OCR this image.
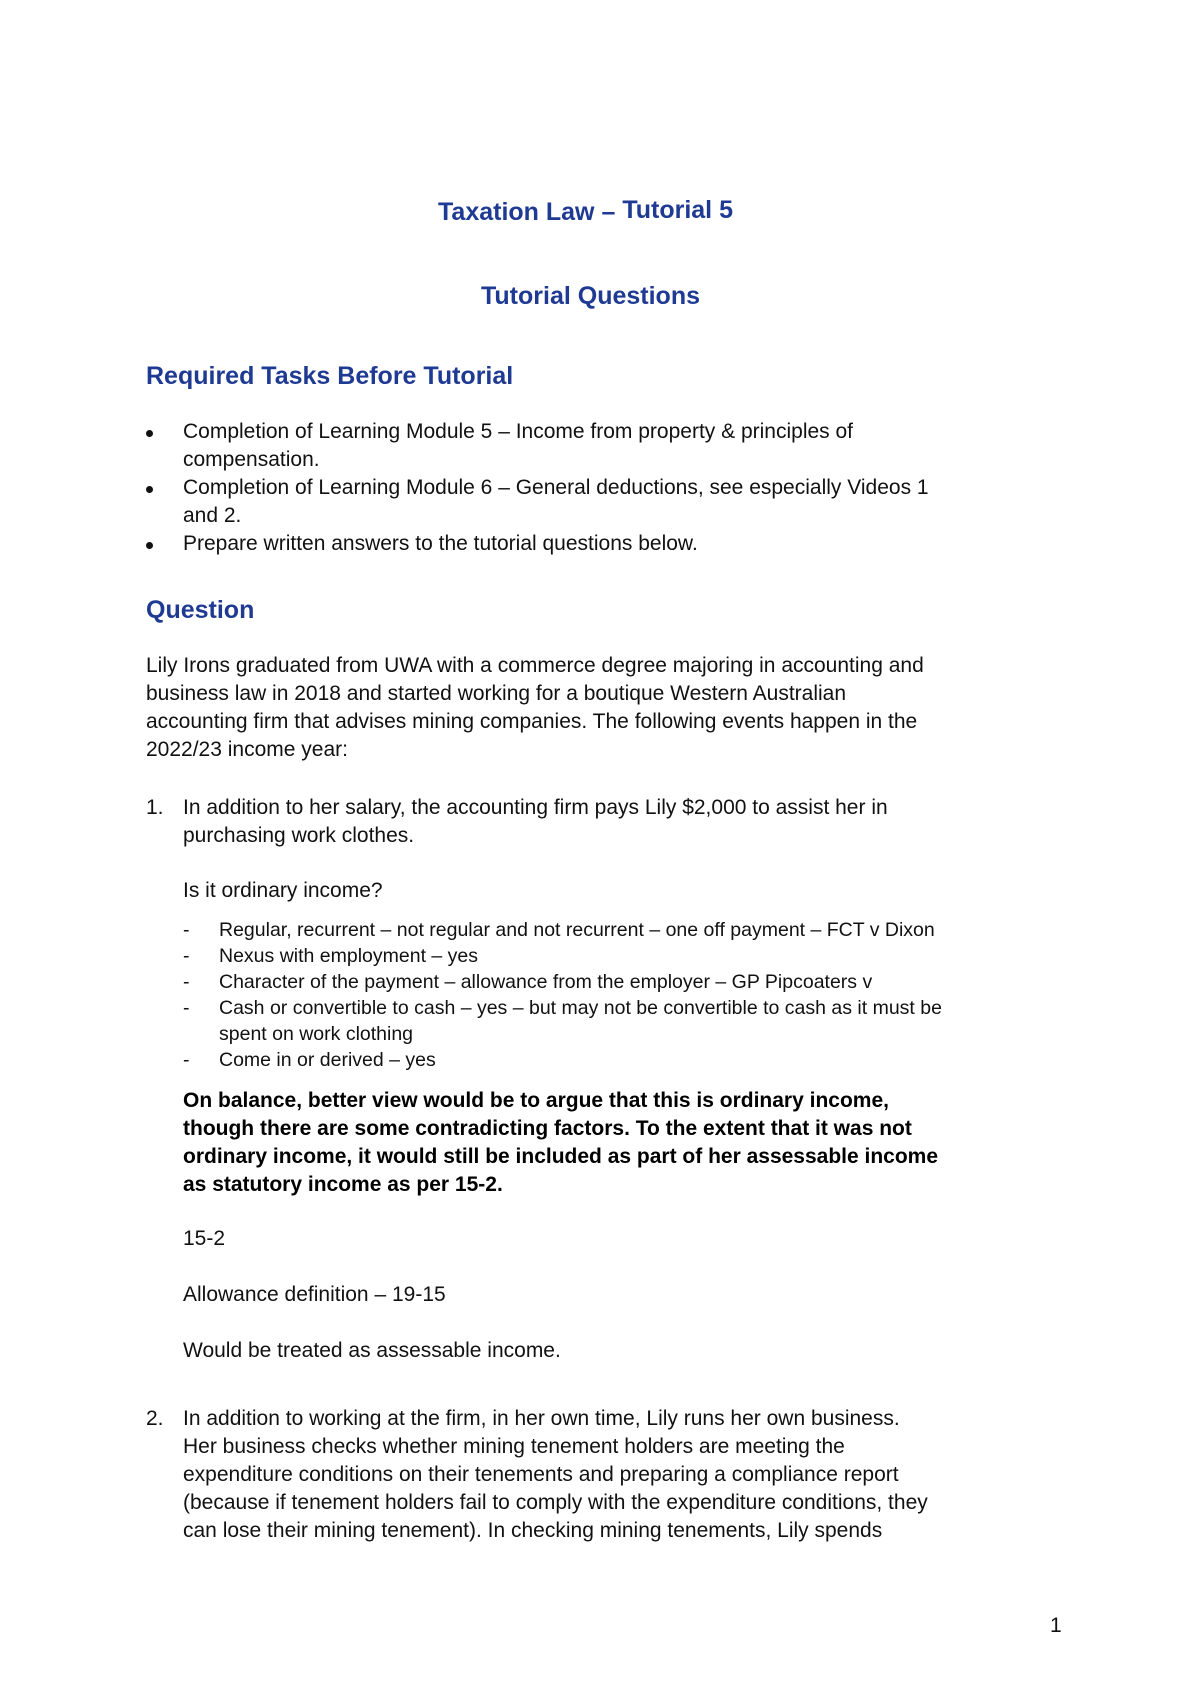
Taxation Law – Tutorial 5
Tutorial Questions
Required Tasks Before Tutorial
Completion of Learning Module 5 – Income from property & principles of
compensation.
Completion of Learning Module 6 – General deductions, see especially Videos 1
and 2.
Prepare written answers to the tutorial questions below.
Question
Lily Irons graduated from UWA with a commerce degree majoring in accounting and
business law in 2018 and started working for a boutique Western Australian
accounting firm that advises mining companies. The following events happen in the
2022/23 income year:
1. In addition to her salary, the accounting firm pays Lily $2,000 to assist her in
purchasing work clothes.
Is it ordinary income?
- Regular, recurrent – not regular and not recurrent – one off payment – FCT v Dixon
- Nexus with employment – yes
- Character of the payment – allowance from the employer – GP Pipcoaters v
- Cash or convertible to cash – yes – but may not be convertible to cash as it must be
spent on work clothing
- Come in or derived – yes
On balance, better view would be to argue that this is ordinary income,
though there are some contradicting factors. To the extent that it was not
ordinary income, it would still be included as part of her assessable income
as statutory income as per 15-2.
15-2
Allowance definition – 19-15
Would be treated as assessable income.
2. In addition to working at the firm, in her own time, Lily runs her own business.
Her business checks whether mining tenement holders are meeting the
expenditure conditions on their tenements and preparing a compliance report
(because if tenement holders fail to comply with the expenditure conditions, they
can lose their mining tenement). In checking mining tenements, Lily spends
1
